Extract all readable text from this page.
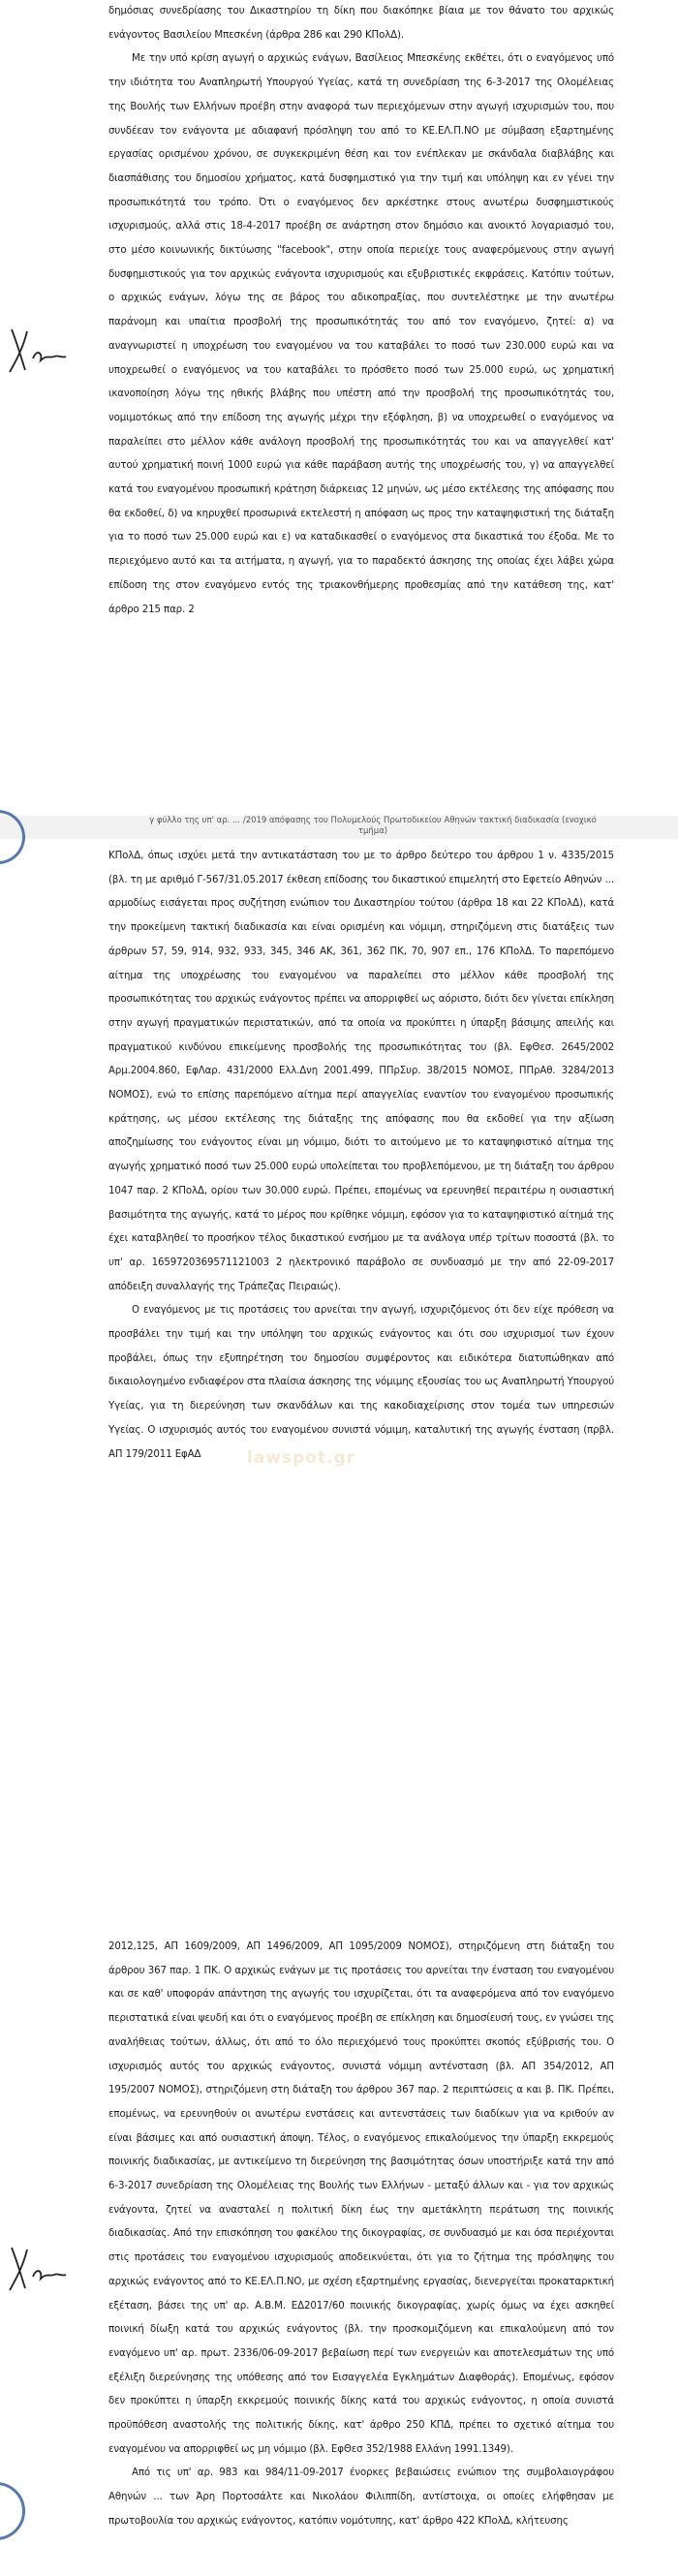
δημόσιας συνεδρίασης του Δικαστηρίου τη δίκη που διακόπηκε βίαια με τον θάνατο του αρχικώς ενάγοντος Βασιλείου Μπεσκένη (άρθρα 286 και 290 ΚΠολΔ).

Με την υπό κρίση αγωγή ο αρχικώς ενάγων, Βασίλειος Μπεσκένης εκθέτει, ότι ο εναγόμενος υπό την ιδιότητα του Αναπληρωτή Υπουργού Υγείας, κατά τη συνεδρίαση της 6-3-2017 της Ολομέλειας της Βουλής των Ελλήνων προέβη στην αναφορά των περιεχόμενων στην αγωγή ισχυρισμών του, που συνδέεαν τον ενάγοντα με αδιαφανή πρόσληψη του από το ΚΕ.ΕΛ.Π.ΝΟ με σύμβαση εξαρτημένης εργασίας ορισμένου χρόνου, σε συγκεκριμένη θέση και τον ενέπλεκαν με σκάνδαλα διαβλάβης και διασπάθισης του δημοσίου χρήματος, κατά δυσφημιστικό για την τιμή και υπόληψη και εν γένει την προσωπικότητά του τρόπο. Ότι ο εναγόμενος δεν αρκέστηκε στους ανωτέρω δυσφημιστικούς ισχυρισμούς, αλλά στις 18-4-2017 προέβη σε ανάρτηση στον δημόσιο και ανοικτό λογαριασμό του, στο μέσο κοινωνικής δικτύωσης "facebook", στην οποία περιείχε τους αναφερόμενους στην αγωγή δυσφημιστικούς για τον αρχικώς ενάγοντα ισχυρισμούς και εξυβριστικές εκφράσεις. Κατόπιν τούτων, ο αρχικώς ενάγων, λόγω της σε βάρος του αδικοπραξίας, που συντελέστηκε με την ανωτέρω παράνομη και υπαίτια προσβολή της προσωπικότητάς του από τον εναγόμενο, ζητεί: α) να αναγνωριστεί η υποχρέωση του εναγομένου να του καταβάλει το ποσό των 230.000 ευρώ και να υποχρεωθεί ο εναγόμενος να του καταβάλει το πρόσθετο ποσό των 25.000 ευρώ, ως χρηματική ικανοποίηση λόγω της ηθικής βλάβης που υπέστη από την προσβολή της προσωπικότητάς του, νομιμοτόκως από την επίδοση της αγωγής μέχρι την εξόφληση, β) να υποχρεωθεί ο εναγόμενος να παραλείπει στο μέλλον κάθε ανάλογη προσβολή της προσωπικότητάς του και να απαγγελθεί κατ' αυτού χρηματική ποινή 1000 ευρώ για κάθε παράβαση αυτής της υποχρέωσής του, γ) να απαγγελθεί κατά του εναγομένου προσωπική κράτηση διάρκειας 12 μηνών, ως μέσο εκτέλεσης της απόφασης που θα εκδοθεί, δ) να κηρυχθεί προσωρινά εκτελεστή η απόφαση ως προς την καταψηφιστική της διάταξη για το ποσό των 25.000 ευρώ και ε) να καταδικασθεί ο εναγόμενος στα δικαστικά του έξοδα. Με το περιεχόμενο αυτό και τα αιτήματα, η αγωγή, για το παραδεκτό άσκησης της οποίας έχει λάβει χώρα επίδοση της στον εναγόμενο εντός της τριακονθήμερης προθεσμίας από την κατάθεση της, κατ' άρθρο 215 παρ. 2

γ φύλλο της υπ' αρ. ... /2019 απόφασης του Πολυμελούς Πρωτοδικείου Αθηνών τακτική διαδικασία (ενοχικό τμήμα)

ΚΠολΔ, όπως ισχύει μετά την αντικατάσταση του με το άρθρο δεύτερο του άρθρου 1 ν. 4335/2015 (βλ. τη με αριθμό Γ-567/31.05.2017 έκθεση επίδοσης του δικαστικού επιμελητή στο Εφετείο Αθηνών ... αρμοδίως εισάγεται προς συζήτηση ενώπιον του Δικαστηρίου τούτου (άρθρα 18 και 22 ΚΠολΔ), κατά την προκείμενη τακτική διαδικασία και είναι ορισμένη και νόμιμη, στηριζόμενη στις διατάξεις των άρθρων 57, 59, 914, 932, 933, 345, 346 ΑΚ, 361, 362 ΠΚ, 70, 907 επ., 176 ΚΠολΔ. Το παρεπόμενο αίτημα της υποχρέωσης του εναγομένου να παραλείπει στο μέλλον κάθε προσβολή της προσωπικότητας του αρχικώς ενάγοντος πρέπει να απορριφθεί ως αόριστο, διότι δεν γίνεται επίκληση στην αγωγή πραγματικών περιστατικών, από τα οποία να προκύπτει η ύπαρξη βάσιμης απειλής και πραγματικού κινδύνου επικείμενης προσβολής της προσωπικότητας του (βλ. ΕφΘεσ. 2645/2002 Αρμ.2004.860, ΕφΛαρ. 431/2000 Ελλ.Δνη 2001.499, ΠΠρΣυρ. 38/2015 ΝΟΜΟΣ, ΠΠρΑθ. 3284/2013 ΝΟΜΟΣ), ενώ το επίσης παρεπόμενο αίτημα περί απαγγελίας εναντίον του εναγομένου προσωπικής κράτησης, ως μέσου εκτέλεσης της διάταξης της απόφασης που θα εκδοθεί για την αξίωση αποζημίωσης του ενάγοντος είναι μη νόμιμο, διότι το αιτούμενο με το καταψηφιστικό αίτημα της αγωγής χρηματικό ποσό των 25.000 ευρώ υπολείπεται του προβλεπόμενου, με τη διάταξη του άρθρου 1047 παρ. 2 ΚΠολΔ, ορίου των 30.000 ευρώ. Πρέπει, επομένως να ερευνηθεί περαιτέρω η ουσιαστική βασιμότητα της αγωγής, κατά το μέρος που κρίθηκε νόμιμη, εφόσον για το καταψηφιστικό αίτημά της έχει καταβληθεί το προσήκον τέλος δικαστικού ενσήμου με τα ανάλογα υπέρ τρίτων ποσοστά (βλ. το υπ' αρ. 1659720369571121003 2 ηλεκτρονικό παράβολο σε συνδυασμό με την από 22-09-2017 απόδειξη συναλλαγής της Τράπεζας Πειραιώς).

Ο εναγόμενος με τις προτάσεις του αρνείται την αγωγή, ισχυριζόμενος ότι δεν είχε πρόθεση να προσβάλει την τιμή και την υπόληψη του αρχικώς ενάγοντος και ότι σου ισχυρισμοί των έχουν προβάλει, όπως την εξυπηρέτηση του δημοσίου συμφέροντος και ειδικότερα διατυπώθηκαν από δικαιολογημένο ενδιαφέρον στα πλαίσια άσκησης της νόμιμης εξουσίας του ως Αναπληρωτή Υπουργού Υγείας, για τη διερεύνηση των σκανδάλων και της κακοδιαχείρισης στον τομέα των υπηρεσιών Υγείας. Ο ισχυρισμός αυτός του εναγομένου συνιστά νόμιμη, καταλυτική της αγωγής ένσταση (πρβλ. ΑΠ 179/2011 ΕφΑΔ

2012,125, ΑΠ 1609/2009, ΑΠ 1496/2009, ΑΠ 1095/2009 ΝΟΜΟΣ), στηριζόμενη στη διάταξη του άρθρου 367 παρ. 1 ΠΚ. Ο αρχικώς ενάγων με τις προτάσεις του αρνείται την ένσταση του εναγομένου και σε καθ' υποφοράν απάντηση της αγωγής του ισχυρίζεται, ότι τα αναφερόμενα από τον εναγόμενο περιστατικά είναι ψευδή και ότι ο εναγόμενος προέβη σε επίκληση και δημοσίευσή τους, εν γνώσει της αναλήθειας τούτων, άλλως, ότι από το όλο περιεχόμενό τους προκύπτει σκοπός εξύβρισής του. Ο ισχυρισμός αυτός του αρχικώς ενάγοντος, συνιστά νόμιμη αντένσταση (βλ. ΑΠ 354/2012, ΑΠ 195/2007 ΝΟΜΟΣ), στηριζόμενη στη διάταξη του άρθρου 367 παρ. 2 περιπτώσεις α και β. ΠΚ. Πρέπει, επομένως, να ερευνηθούν οι ανωτέρω ενστάσεις και αντενστάσεις των διαδίκων για να κριθούν αν είναι βάσιμες και από ουσιαστική άποψη. Τέλος, ο εναγόμενος επικαλούμενος την ύπαρξη εκκρεμούς ποινικής διαδικασίας, με αντικείμενο τη διερεύνηση της βασιμότητας όσων υποστήριξε κατά την από 6-3-2017 συνεδρίαση της Ολομέλειας της Βουλής των Ελλήνων - μεταξύ άλλων και - για τον αρχικώς ενάγοντα, ζητεί να ανασταλεί η πολιτική δίκη έως την αμετάκλητη περάτωση της ποινικής διαδικασίας. Από την επισκόπηση του φακέλου της δικογραφίας, σε συνδυασμό με και όσα περιέχονται στις προτάσεις του εναγομένου ισχυρισμούς αποδεικνύεται, ότι για το ζήτημα της πρόσληψης του αρχικώς ενάγοντος από το ΚΕ.ΕΛ.Π.ΝΟ, με σχέση εξαρτημένης εργασίας, διενεργείται προκαταρκτική εξέταση, βάσει της υπ' αρ. Α.Β.Μ. ΕΔ2017/60 ποινικής δικογραφίας, χωρίς όμως να έχει ασκηθεί ποινική δίωξη κατά του αρχικώς ενάγοντος (βλ. την προσκομιζόμενη και επικαλούμενη από τον εναγόμενο υπ' αρ. πρωτ. 2336/06-09-2017 βεβαίωση περί των ενεργειών και αποτελεσμάτων της υπό εξέλιξη διερεύνησης της υπόθεσης από τον Εισαγγελέα Εγκλημάτων Διαφθοράς). Επομένως, εφόσον δεν προκύπτει η ύπαρξη εκκρεμούς ποινικής δίκης κατά του αρχικώς ενάγοντος, η οποία συνιστά προϋπόθεση αναστολής της πολιτικής δίκης, κατ' άρθρο 250 ΚΠΔ, πρέπει το σχετικό αίτημα του εναγομένου να απορριφθεί ως μη νόμιμο (βλ. ΕφΘεσ 352/1988 Ελλάνη 1991.1349).

Από τις υπ' αρ. 983 και 984/11-09-2017 ένορκες βεβαιώσεις ενώπιον της συμβολαιογράφου Αθηνών ... των Άρη Πορτοσάλτε και Νικολάου Φιλιππίδη, αντίστοιχα, οι οποίες ελήφθησαν με πρωτοβουλία του αρχικώς ενάγοντος, κατόπιν νομότυπης, κατ' άρθρο 422 ΚΠολΔ, κλήτευσης

lawspot.gr
